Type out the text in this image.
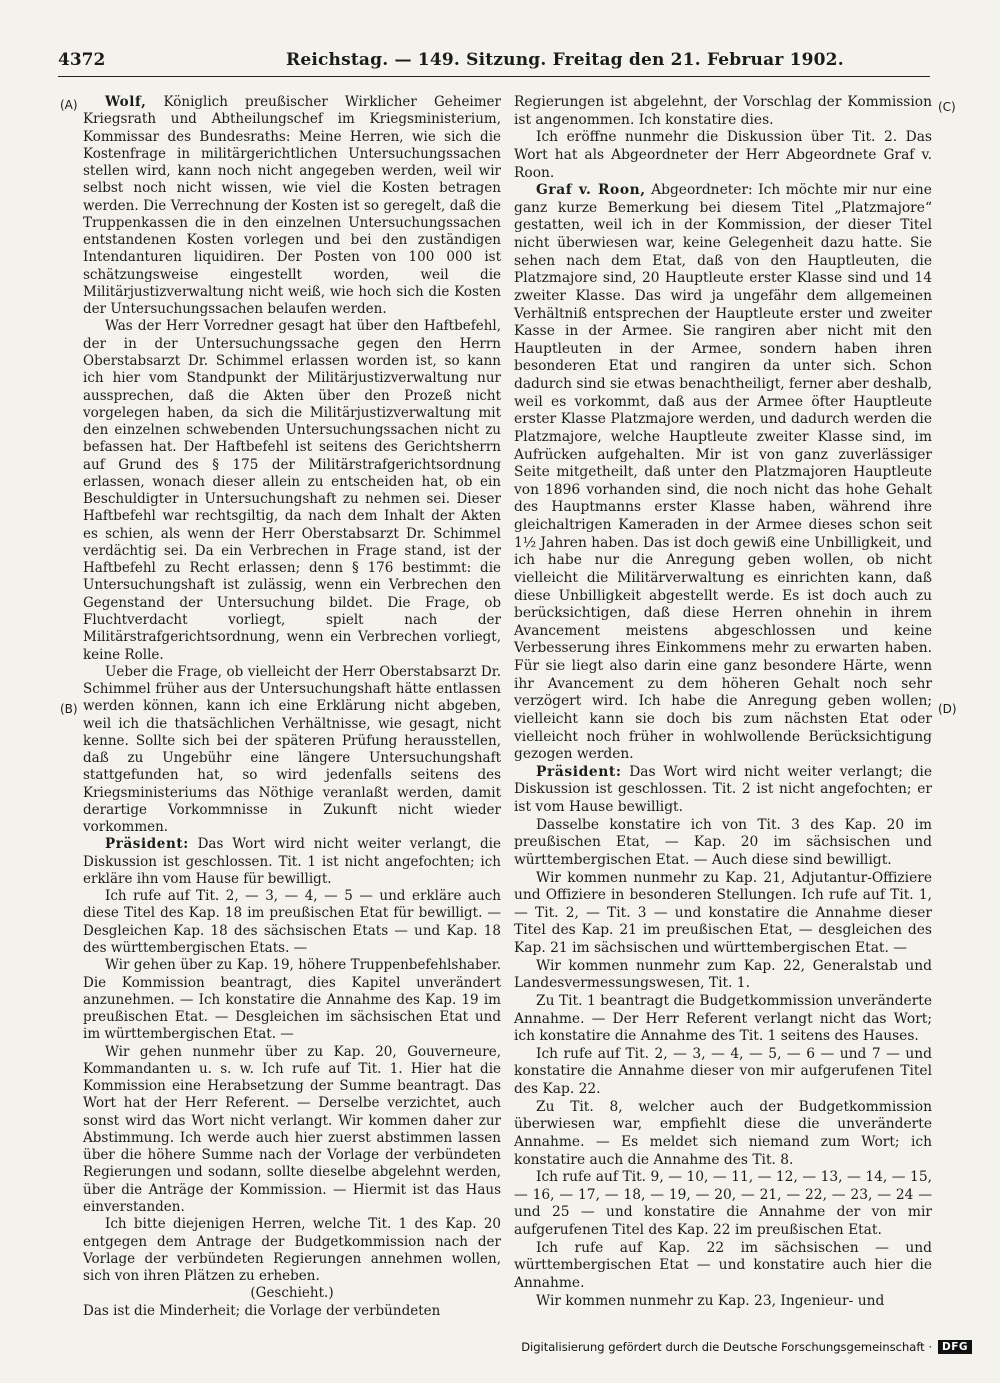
4372	Reichstag. — 149. Sitzung. Freitag den 21. Februar 1902.
(A)
(B)
(C)
(D)

Wolf, Königlich preußischer Wirklicher Geheimer Kriegsrath und Abtheilungschef im Kriegsministerium, Kommissar des Bundesraths: Meine Herren, wie sich die Kostenfrage in militärgerichtlichen Untersuchungssachen stellen wird, kann noch nicht angegeben werden, weil wir selbst noch nicht wissen, wie viel die Kosten betragen werden. Die Verrechnung der Kosten ist so geregelt, daß die Truppenkassen die in den einzelnen Untersuchungssachen entstandenen Kosten vorlegen und bei den zuständigen Intendanturen liquidiren. Der Posten von 100 000 ist schätzungsweise eingestellt worden, weil die Militärjustizverwaltung nicht weiß, wie hoch sich die Kosten der Untersuchungssachen belaufen werden.

Was der Herr Vorredner gesagt hat über den Haftbefehl, der in der Untersuchungssache gegen den Herrn Oberstabsarzt Dr. Schimmel erlassen worden ist, so kann ich hier vom Standpunkt der Militärjustizverwaltung nur aussprechen, daß die Akten über den Prozeß nicht vorgelegen haben, da sich die Militärjustizverwaltung mit den einzelnen schwebenden Untersuchungssachen nicht zu befassen hat. Der Haftbefehl ist seitens des Gerichtsherrn auf Grund des § 175 der Militärstrafgerichtsordnung erlassen, wonach dieser allein zu entscheiden hat, ob ein Beschuldigter in Untersuchungshaft zu nehmen sei. Dieser Haftbefehl war rechtsgiltig, da nach dem Inhalt der Akten es schien, als wenn der Herr Oberstabsarzt Dr. Schimmel verdächtig sei. Da ein Verbrechen in Frage stand, ist der Haftbefehl zu Recht erlassen; denn § 176 bestimmt: die Untersuchungshaft ist zulässig, wenn ein Verbrechen den Gegenstand der Untersuchung bildet. Die Frage, ob Fluchtverdacht vorliegt, spielt nach der Militärstrafgerichtsordnung, wenn ein Verbrechen vorliegt, keine Rolle.

Ueber die Frage, ob vielleicht der Herr Oberstabsarzt Dr. Schimmel früher aus der Untersuchungshaft hätte entlassen werden können, kann ich eine Erklärung nicht abgeben, weil ich die thatsächlichen Verhältnisse, wie gesagt, nicht kenne. Sollte sich bei der späteren Prüfung herausstellen, daß zu Ungebühr eine längere Untersuchungshaft stattgefunden hat, so wird jedenfalls seitens des Kriegsministeriums das Nöthige veranlaßt werden, damit derartige Vorkommnisse in Zukunft nicht wieder vorkommen.

Präsident: Das Wort wird nicht weiter verlangt, die Diskussion ist geschlossen. Tit. 1 ist nicht angefochten; ich erkläre ihn vom Hause für bewilligt.

Ich rufe auf Tit. 2, — 3, — 4, — 5 — und erkläre auch diese Titel des Kap. 18 im preußischen Etat für bewilligt. — Desgleichen Kap. 18 des sächsischen Etats — und Kap. 18 des württembergischen Etats. —

Wir gehen über zu Kap. 19, höhere Truppenbefehlshaber. Die Kommission beantragt, dies Kapitel unverändert anzunehmen. — Ich konstatire die Annahme des Kap. 19 im preußischen Etat. — Desgleichen im sächsischen Etat und im württembergischen Etat. —

Wir gehen nunmehr über zu Kap. 20, Gouverneure, Kommandanten u. s. w. Ich rufe auf Tit. 1. Hier hat die Kommission eine Herabsetzung der Summe beantragt. Das Wort hat der Herr Referent. — Derselbe verzichtet, auch sonst wird das Wort nicht verlangt. Wir kommen daher zur Abstimmung. Ich werde auch hier zuerst abstimmen lassen über die höhere Summe nach der Vorlage der verbündeten Regierungen und sodann, sollte dieselbe abgelehnt werden, über die Anträge der Kommission. — Hiermit ist das Haus einverstanden.

Ich bitte diejenigen Herren, welche Tit. 1 des Kap. 20 entgegen dem Antrage der Budgetkommission nach der Vorlage der verbündeten Regierungen annehmen wollen, sich von ihren Plätzen zu erheben.

(Geschieht.)

Das ist die Minderheit; die Vorlage der verbündeten

Regierungen ist abgelehnt, der Vorschlag der Kommission ist angenommen. Ich konstatire dies.

Ich eröffne nunmehr die Diskussion über Tit. 2. Das Wort hat als Abgeordneter der Herr Abgeordnete Graf v. Roon.

Graf v. Roon, Abgeordneter: Ich möchte mir nur eine ganz kurze Bemerkung bei diesem Titel „Platzmajore“ gestatten, weil ich in der Kommission, der dieser Titel nicht überwiesen war, keine Gelegenheit dazu hatte. Sie sehen nach dem Etat, daß von den Hauptleuten, die Platzmajore sind, 20 Hauptleute erster Klasse sind und 14 zweiter Klasse. Das wird ja ungefähr dem allgemeinen Verhältniß entsprechen der Hauptleute erster und zweiter Kasse in der Armee. Sie rangiren aber nicht mit den Hauptleuten in der Armee, sondern haben ihren besonderen Etat und rangiren da unter sich. Schon dadurch sind sie etwas benachtheiligt, ferner aber deshalb, weil es vorkommt, daß aus der Armee öfter Hauptleute erster Klasse Platzmajore werden, und dadurch werden die Platzmajore, welche Hauptleute zweiter Klasse sind, im Aufrücken aufgehalten. Mir ist von ganz zuverlässiger Seite mitgetheilt, daß unter den Platzmajoren Hauptleute von 1896 vorhanden sind, die noch nicht das hohe Gehalt des Hauptmanns erster Klasse haben, während ihre gleichaltrigen Kameraden in der Armee dieses schon seit 1½ Jahren haben. Das ist doch gewiß eine Unbilligkeit, und ich habe nur die Anregung geben wollen, ob nicht vielleicht die Militärverwaltung es einrichten kann, daß diese Unbilligkeit abgestellt werde. Es ist doch auch zu berücksichtigen, daß diese Herren ohnehin in ihrem Avancement meistens abgeschlossen und keine Verbesserung ihres Einkommens mehr zu erwarten haben. Für sie liegt also darin eine ganz besondere Härte, wenn ihr Avancement zu dem höheren Gehalt noch sehr verzögert wird. Ich habe die Anregung geben wollen; vielleicht kann sie doch bis zum nächsten Etat oder vielleicht noch früher in wohlwollende Berücksichtigung gezogen werden.

Präsident: Das Wort wird nicht weiter verlangt; die Diskussion ist geschlossen. Tit. 2 ist nicht angefochten; er ist vom Hause bewilligt.

Dasselbe konstatire ich von Tit. 3 des Kap. 20 im preußischen Etat, — Kap. 20 im sächsischen und württembergischen Etat. — Auch diese sind bewilligt.

Wir kommen nunmehr zu Kap. 21, Adjutantur-Offiziere und Offiziere in besonderen Stellungen. Ich rufe auf Tit. 1, — Tit. 2, — Tit. 3 — und konstatire die Annahme dieser Titel des Kap. 21 im preußischen Etat, — desgleichen des Kap. 21 im sächsischen und württembergischen Etat. —

Wir kommen nunmehr zum Kap. 22, Generalstab und Landesvermessungswesen, Tit. 1.

Zu Tit. 1 beantragt die Budgetkommission unveränderte Annahme. — Der Herr Referent verlangt nicht das Wort; ich konstatire die Annahme des Tit. 1 seitens des Hauses.

Ich rufe auf Tit. 2, — 3, — 4, — 5, — 6 — und 7 — und konstatire die Annahme dieser von mir aufgerufenen Titel des Kap. 22.

Zu Tit. 8, welcher auch der Budgetkommission überwiesen war, empfiehlt diese die unveränderte Annahme. — Es meldet sich niemand zum Wort; ich konstatire auch die Annahme des Tit. 8.

Ich rufe auf Tit. 9, — 10, — 11, — 12, — 13, — 14, — 15, — 16, — 17, — 18, — 19, — 20, — 21, — 22, — 23, — 24 — und 25 — und konstatire die Annahme der von mir aufgerufenen Titel des Kap. 22 im preußischen Etat.

Ich rufe auf Kap. 22 im sächsischen — und württembergischen Etat — und konstatire auch hier die Annahme.

Wir kommen nunmehr zu Kap. 23, Ingenieur- und

Digitalisierung gefördert durch die Deutsche Forschungsgemeinschaft · DFG
